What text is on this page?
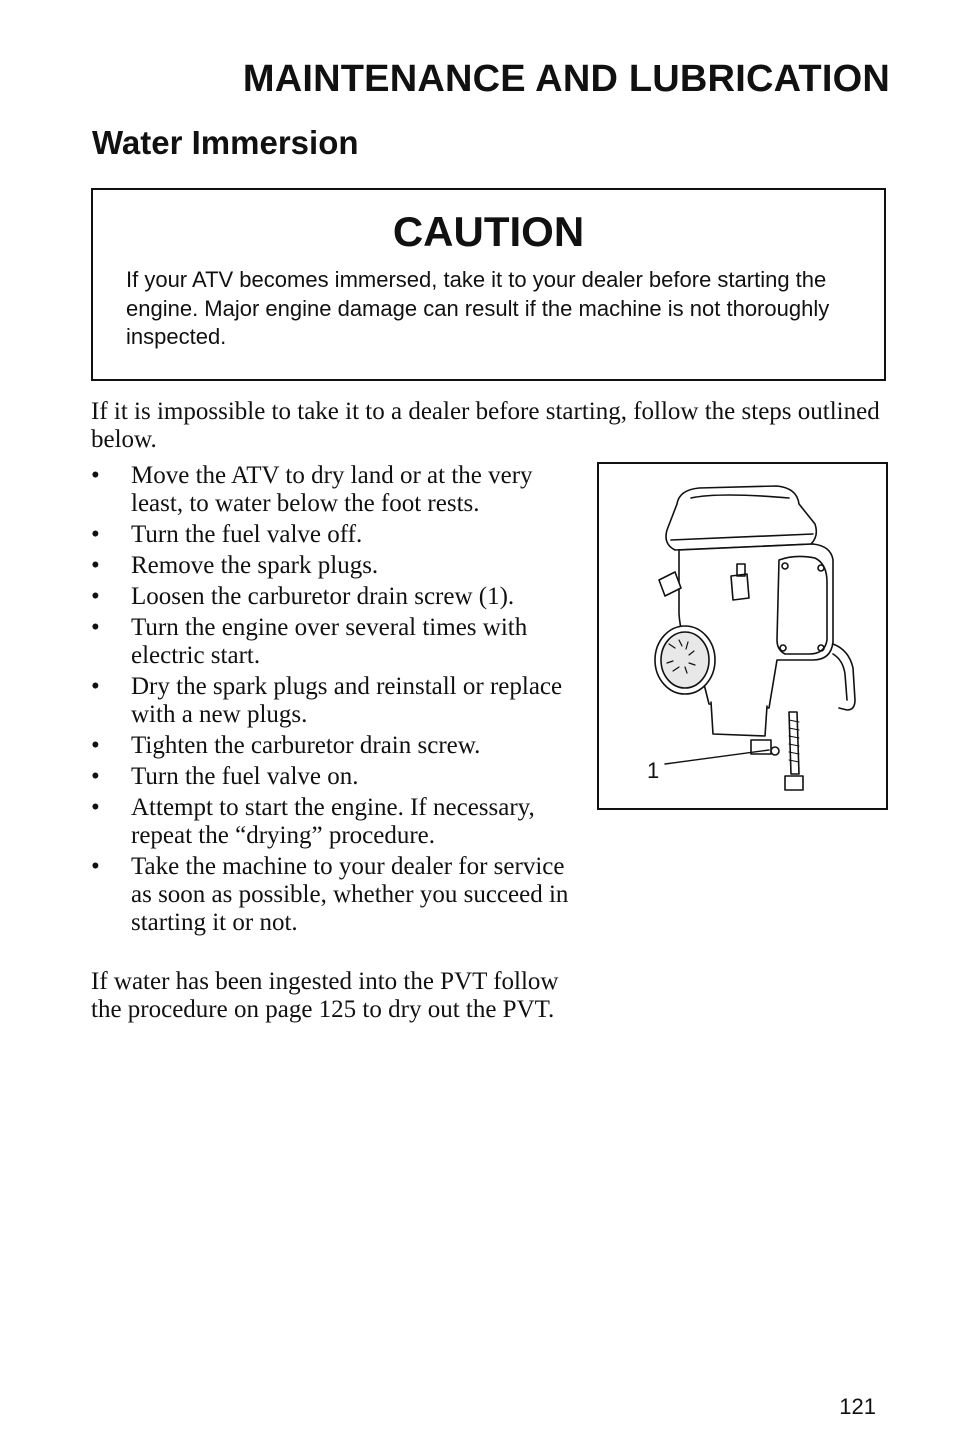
MAINTENANCE AND LUBRICATION
Water Immersion
CAUTION
If your ATV becomes immersed, take it to your dealer before starting the engine. Major engine damage can result if the machine is not thoroughly inspected.

If it is impossible to take it to a dealer before starting, follow the steps outlined below.

• Move the ATV to dry land or at the very least, to water below the foot rests.
• Turn the fuel valve off.
• Remove the spark plugs.
• Loosen the carburetor drain screw (1).
• Turn the engine over several times with electric start.
• Dry the spark plugs and reinstall or replace with a new plugs.
• Tighten the carburetor drain screw.
• Turn the fuel valve on.
• Attempt to start the engine. If necessary, repeat the “drying” procedure.
• Take the machine to your dealer for service as soon as possible, whether you succeed in starting it or not.

If water has been ingested into the PVT follow the procedure on page 125 to dry out the PVT.

1
121
